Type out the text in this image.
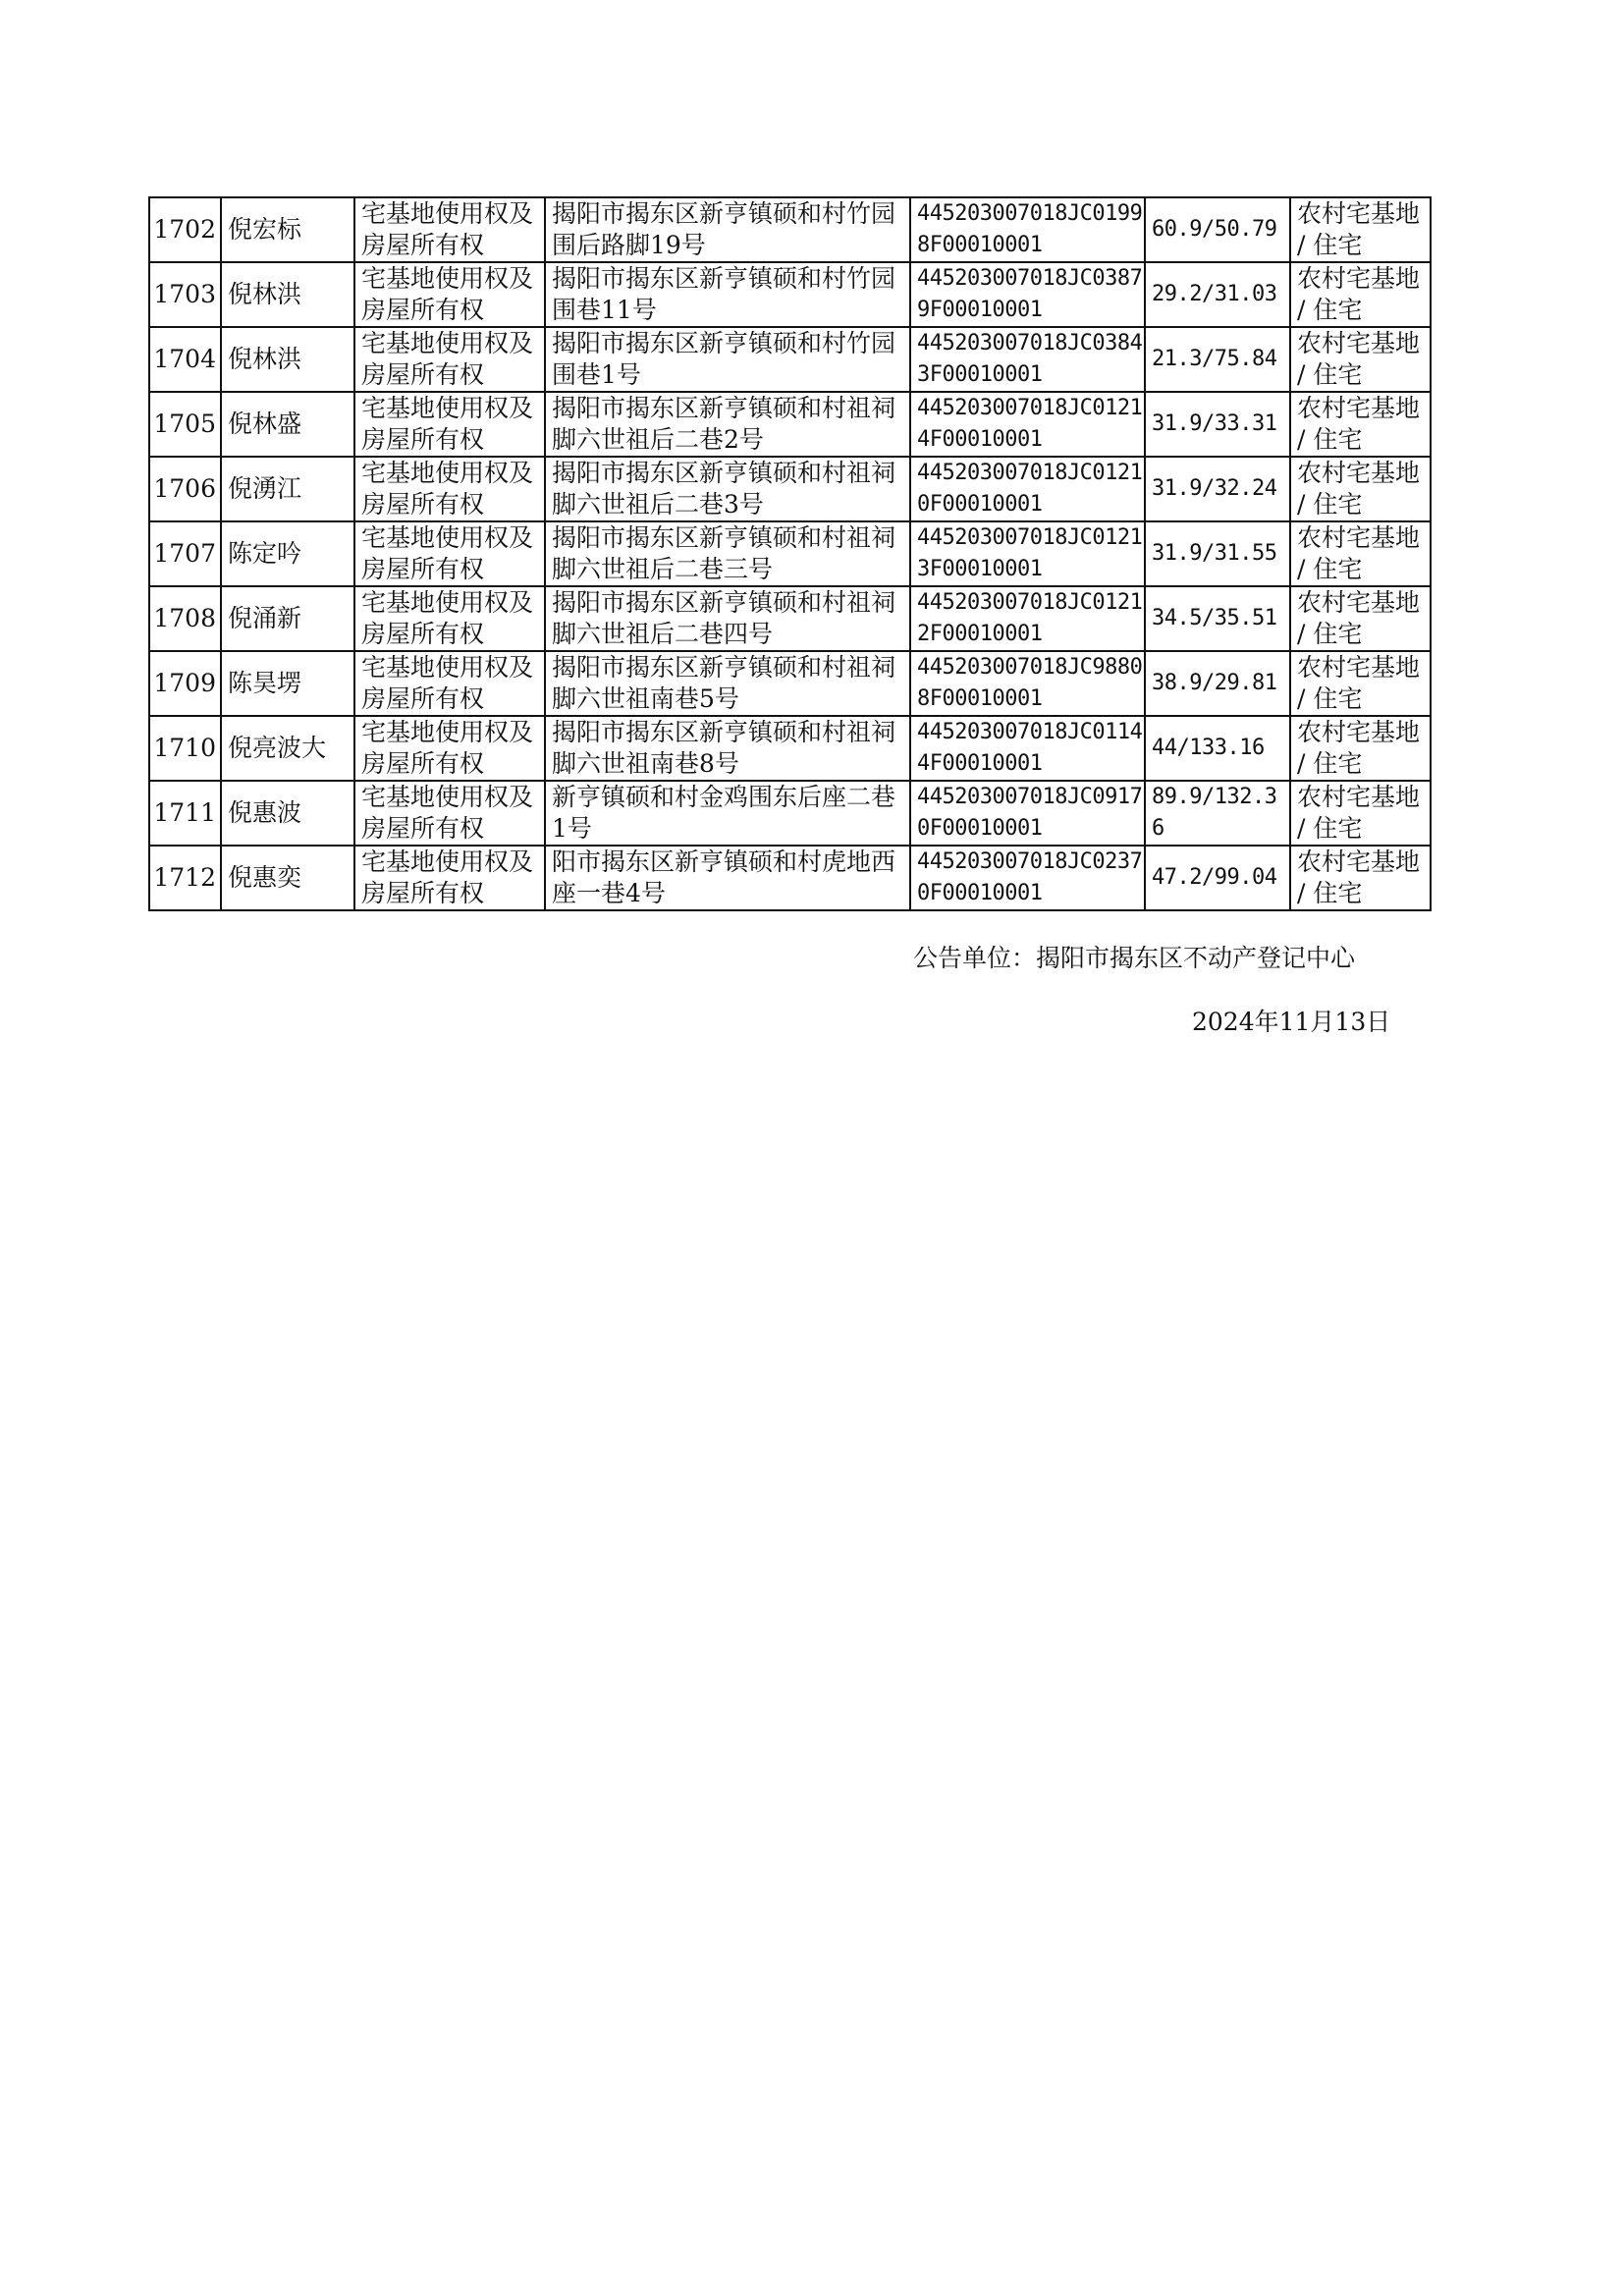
1702	倪宏标	宅基地使用权及房屋所有权	揭阳市揭东区新亨镇硕和村竹园围后路脚19号	445203007018JC01998F00010001	60.9/50.79	农村宅基地 / 住宅
1703	倪林洪	宅基地使用权及房屋所有权	揭阳市揭东区新亨镇硕和村竹园围巷11号	445203007018JC03879F00010001	29.2/31.03	农村宅基地 / 住宅
1704	倪林洪	宅基地使用权及房屋所有权	揭阳市揭东区新亨镇硕和村竹园围巷1号	445203007018JC03843F00010001	21.3/75.84	农村宅基地 / 住宅
1705	倪林盛	宅基地使用权及房屋所有权	揭阳市揭东区新亨镇硕和村祖祠脚六世祖后二巷2号	445203007018JC01214F00010001	31.9/33.31	农村宅基地 / 住宅
1706	倪湧江	宅基地使用权及房屋所有权	揭阳市揭东区新亨镇硕和村祖祠脚六世祖后二巷3号	445203007018JC01210F00010001	31.9/32.24	农村宅基地 / 住宅
1707	陈定吟	宅基地使用权及房屋所有权	揭阳市揭东区新亨镇硕和村祖祠脚六世祖后二巷三号	445203007018JC01213F00010001	31.9/31.55	农村宅基地 / 住宅
1708	倪涌新	宅基地使用权及房屋所有权	揭阳市揭东区新亨镇硕和村祖祠脚六世祖后二巷四号	445203007018JC01212F00010001	34.5/35.51	农村宅基地 / 住宅
1709	陈昊塄	宅基地使用权及房屋所有权	揭阳市揭东区新亨镇硕和村祖祠脚六世祖南巷5号	445203007018JC98808F00010001	38.9/29.81	农村宅基地 / 住宅
1710	倪亮波大	宅基地使用权及房屋所有权	揭阳市揭东区新亨镇硕和村祖祠脚六世祖南巷8号	445203007018JC01144F00010001	44/133.16	农村宅基地 / 住宅
1711	倪惠波	宅基地使用权及房屋所有权	新亨镇硕和村金鸡围东后座二巷1号	445203007018JC09170F00010001	89.9/132.36	农村宅基地 / 住宅
1712	倪惠奕	宅基地使用权及房屋所有权	阳市揭东区新亨镇硕和村虎地西座一巷4号	445203007018JC02370F00010001	47.2/99.04	农村宅基地 / 住宅
公告单位：揭阳市揭东区不动产登记中心
2024年11月13日
